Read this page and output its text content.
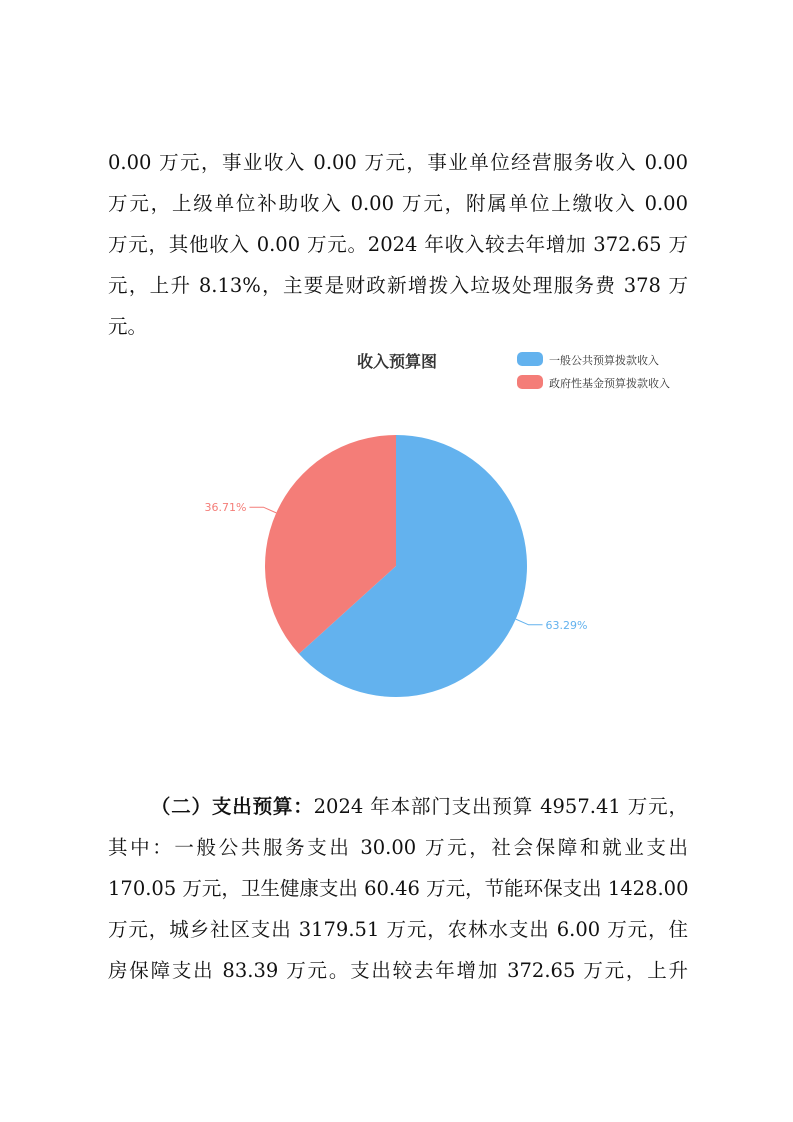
0.00 万元，事业收入 0.00 万元，事业单位经营服务收入 0.00
万元，上级单位补助收入 0.00 万元，附属单位上缴收入 0.00
万元，其他收入 0.00 万元。2024 年收入较去年增加 372.65 万
元，上升 8.13%，主要是财政新增拨入垃圾处理服务费 378 万
元。
收入预算图	一般公共预算拨款收入
政府性基金预算拨款收入
63.29%
36.71%
（二）支出预算：2024 年本部门支出预算 4957.41 万元，
其中：一般公共服务支出 30.00 万元，社会保障和就业支出
170.05 万元，卫生健康支出 60.46 万元，节能环保支出 1428.00
万元，城乡社区支出 3179.51 万元，农林水支出 6.00 万元，住
房保障支出 83.39 万元。支出较去年增加 372.65 万元，上升
